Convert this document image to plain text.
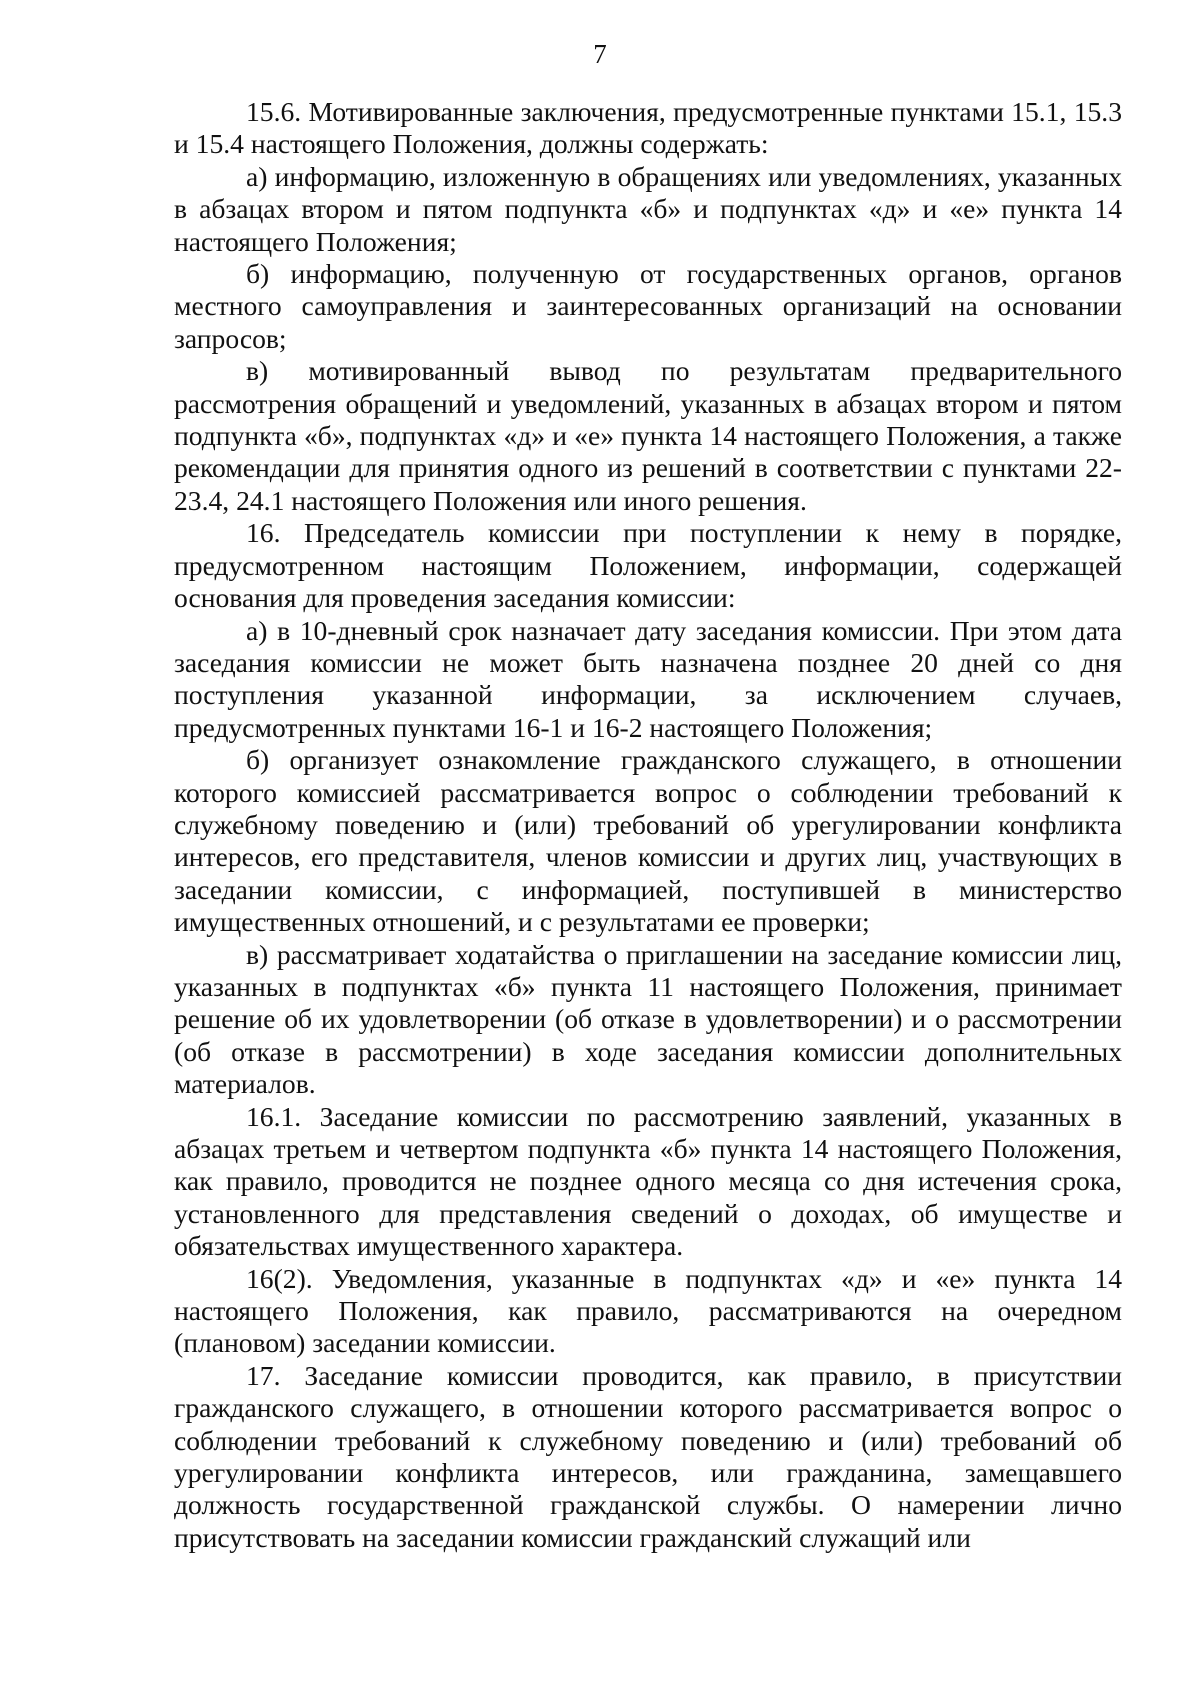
7

15.6. Мотивированные заключения, предусмотренные пунктами 15.1, 15.3 и 15.4 настоящего Положения, должны содержать:

а) информацию, изложенную в обращениях или уведомлениях, указанных в абзацах втором и пятом подпункта «б» и подпунктах «д» и «е» пункта 14 настоящего Положения;

б) информацию, полученную от государственных органов, органов местного самоуправления и заинтересованных организаций на основании запросов;

в) мотивированный вывод по результатам предварительного рассмотрения обращений и уведомлений, указанных в абзацах втором и пятом подпункта «б», подпунктах «д» и «е» пункта 14 настоящего Положения, а также рекомендации для принятия одного из решений в соответствии с пунктами 22-23.4, 24.1 настоящего Положения или иного решения.

16. Председатель комиссии при поступлении к нему в порядке, предусмотренном настоящим Положением, информации, содержащей основания для проведения заседания комиссии:

а) в 10-дневный срок назначает дату заседания комиссии. При этом дата заседания комиссии не может быть назначена позднее 20 дней со дня поступления указанной информации, за исключением случаев, предусмотренных пунктами 16-1 и 16-2 настоящего Положения;

б) организует ознакомление гражданского служащего, в отношении которого комиссией рассматривается вопрос о соблюдении требований к служебному поведению и (или) требований об урегулировании конфликта интересов, его представителя, членов комиссии и других лиц, участвующих в заседании комиссии, с информацией, поступившей в министерство имущественных отношений, и с результатами ее проверки;

в) рассматривает ходатайства о приглашении на заседание комиссии лиц, указанных в подпунктах «б» пункта 11 настоящего Положения, принимает решение об их удовлетворении (об отказе в удовлетворении) и о рассмотрении (об отказе в рассмотрении) в ходе заседания комиссии дополнительных материалов.

16.1. Заседание комиссии по рассмотрению заявлений, указанных в абзацах третьем и четвертом подпункта «б» пункта 14 настоящего Положения, как правило, проводится не позднее одного месяца со дня истечения срока, установленного для представления сведений о доходах, об имуществе и обязательствах имущественного характера.

16(2). Уведомления, указанные в подпунктах «д» и «е» пункта 14 настоящего Положения, как правило, рассматриваются на очередном (плановом) заседании комиссии.

17. Заседание комиссии проводится, как правило, в присутствии гражданского служащего, в отношении которого рассматривается вопрос о соблюдении требований к служебному поведению и (или) требований об урегулировании конфликта интересов, или гражданина, замещавшего должность государственной гражданской службы. О намерении лично присутствовать на заседании комиссии гражданский служащий или
